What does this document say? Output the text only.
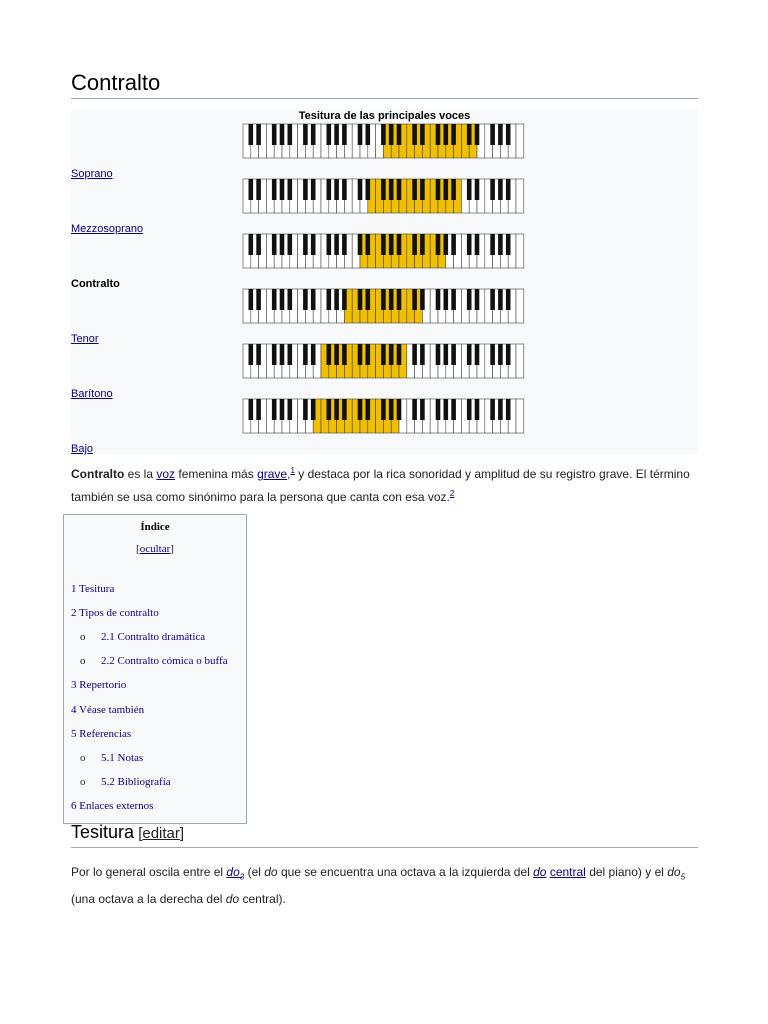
Contralto
Tesitura de las principales voces
Soprano
Mezzosoprano
Contralto
Tenor
Barítono
Bajo

Contralto es la voz femenina más grave,$^1$ y destaca por la rica sonoridad y amplitud de su registro grave. El término también se usa como sinónimo para la persona que canta con esa voz.$^2$

Índice
[ocultar]
1 Tesitura
2 Tipos de contralto
2.1 Contralto dramática
o
2.2 Contralto cómica o buffa
o
3 Repertorio
4 Véase también
5 Referencias
5.1 Notas
o
5.2 Bibliografía
o
6 Enlaces externos
Tesitura [editar]

Por lo general oscila entre el $do_3$ (el do que se encuentra una octava a la izquierda del do central del piano) y el $do_5$ (una octava a la derecha del do central).
